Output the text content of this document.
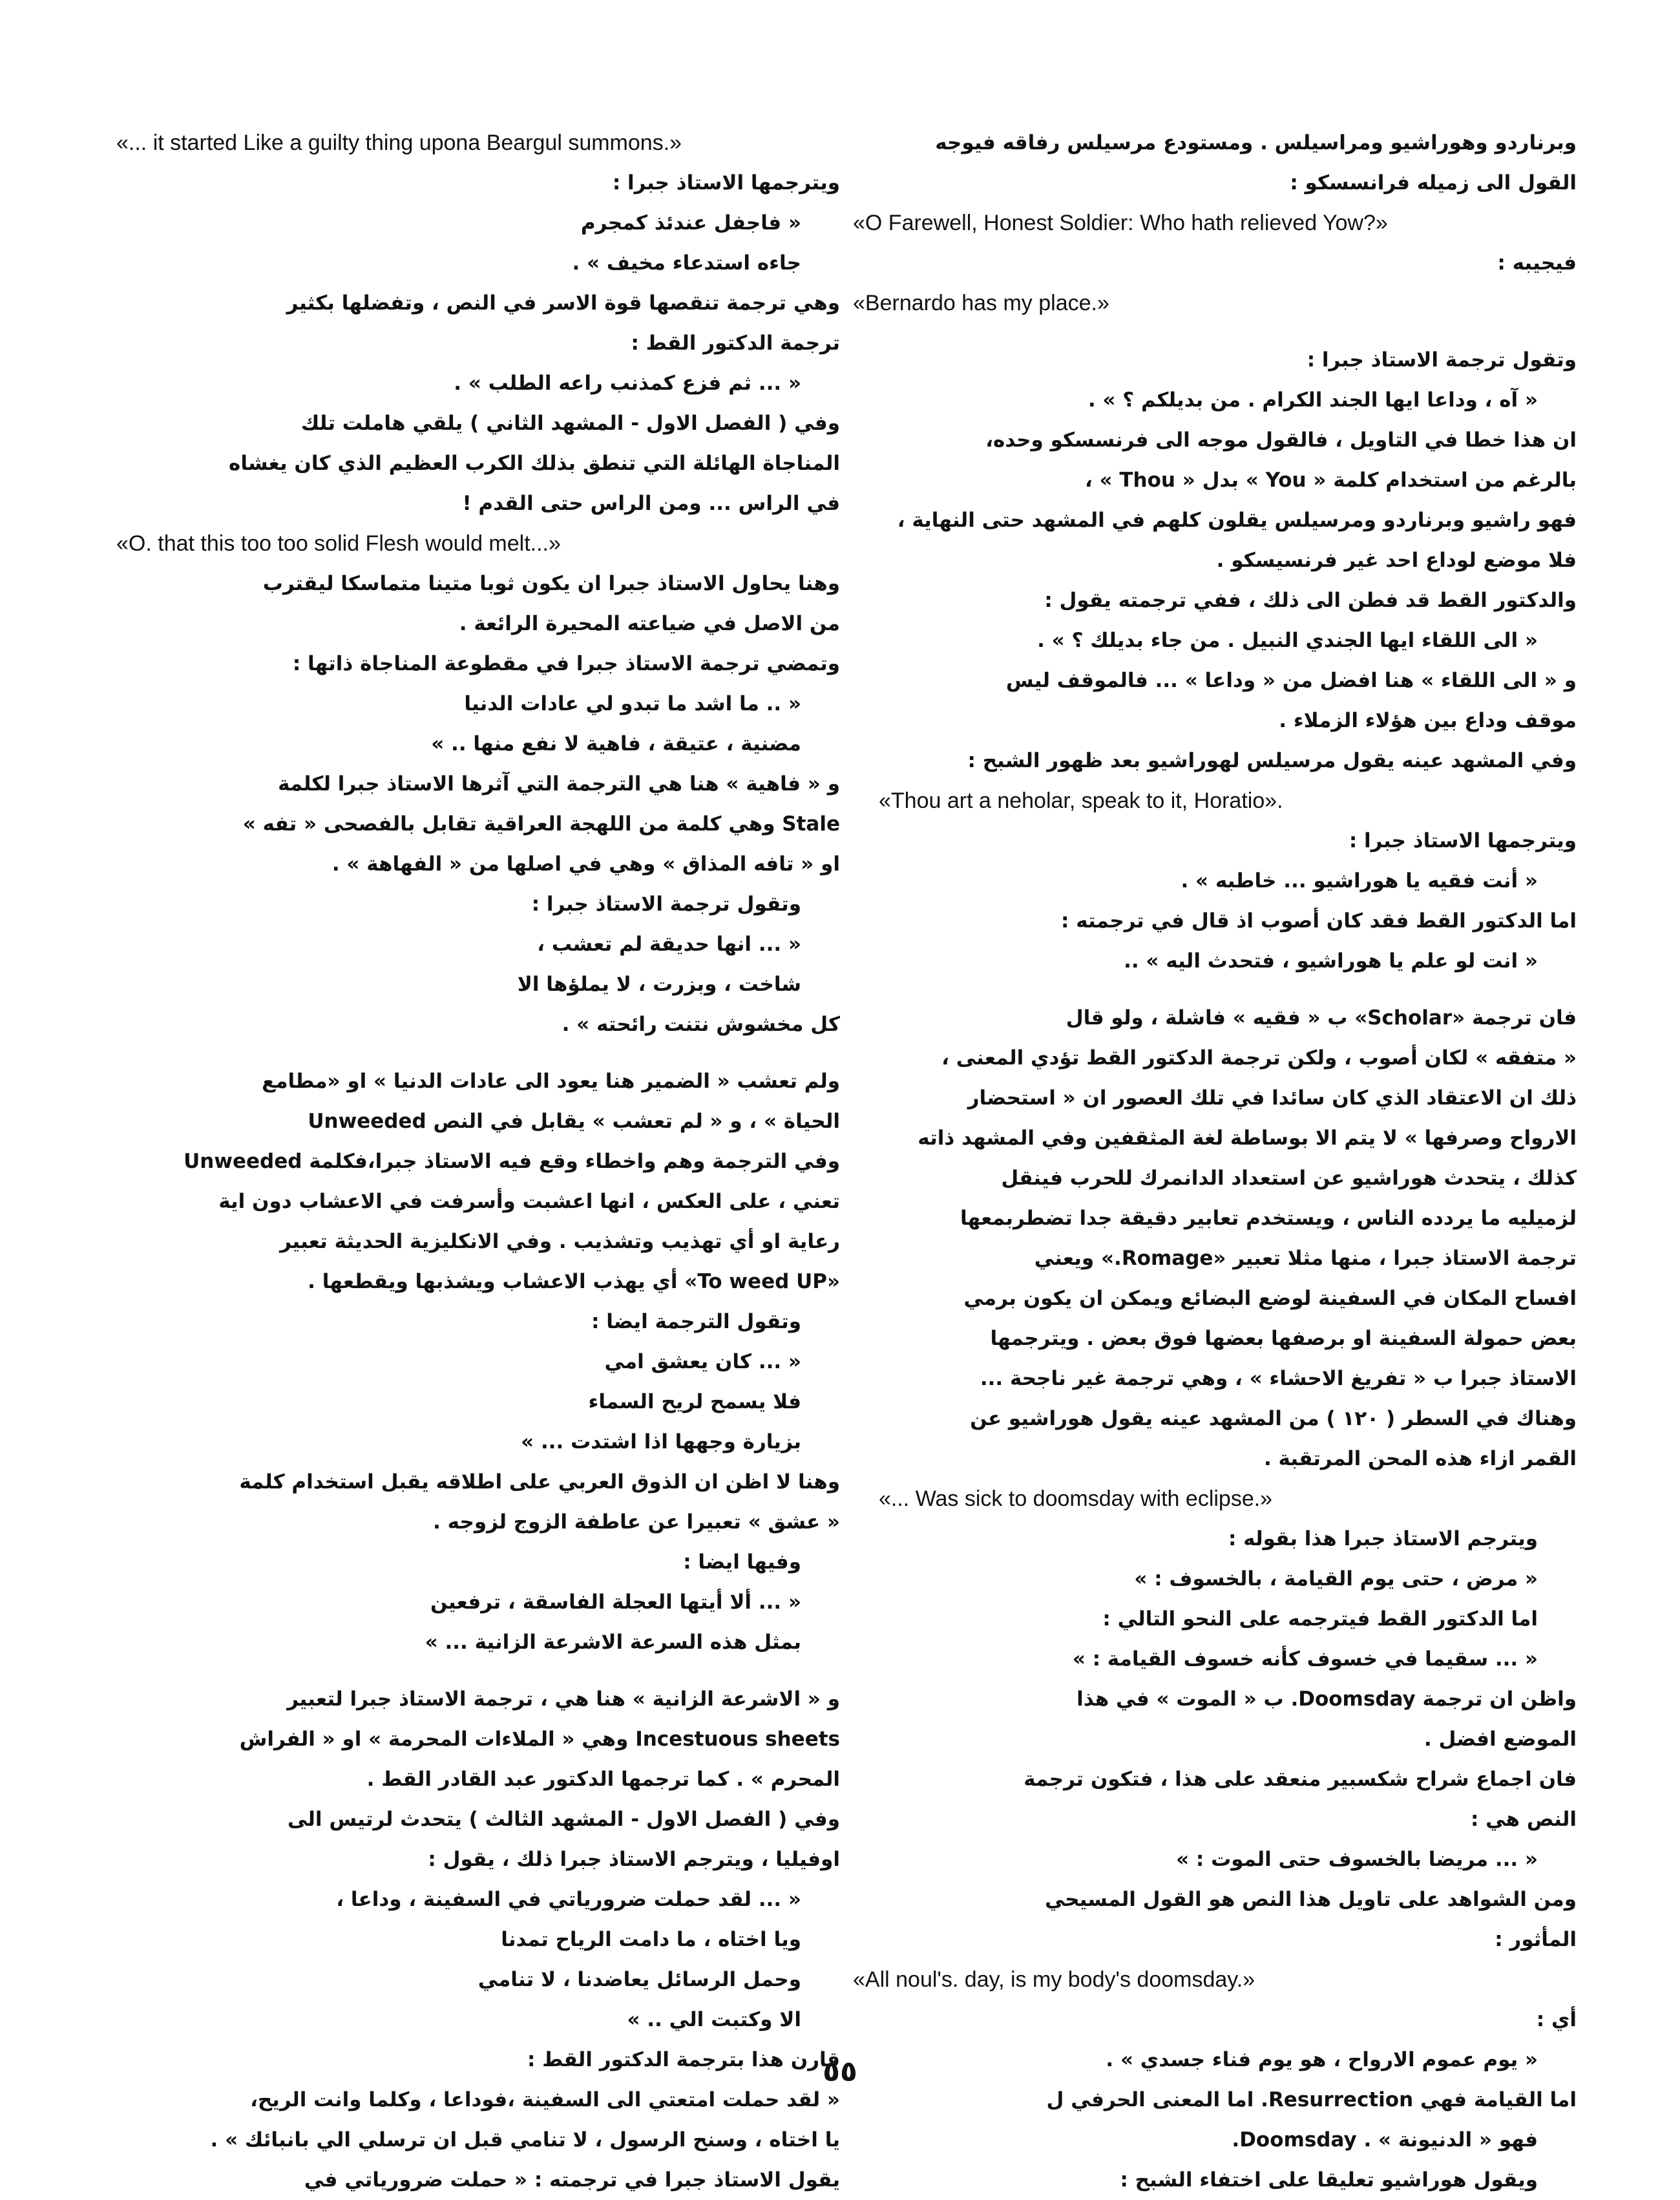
وبرناردو وهوراشيو ومراسيلس . ومستودع مرسيلس رفاقه فيوجه
القول الى زميله فرانسسكو :
«O Farewell, Honest Soldier: Who hath relieved Yow?»
فيجيبه :
«Bernardo has my place.»
وتقول ترجمة الاستاذ جبرا :
« آه ، وداعا ايها الجند الكرام . من بديلكم ؟ » .
ان هذا خطا في التاويل ، فالقول موجه الى فرنسسكو وحده،
بالرغم من استخدام كلمة « You » بدل « Thou » ،
فهو راشيو وبرناردو ومرسيلس يقلون كلهم في المشهد حتى النهاية ،
فلا موضع لوداع احد غير فرنسيسكو .
والدكتور القط قد فطن الى ذلك ، ففي ترجمته يقول :
« الى اللقاء ايها الجندي النبيل . من جاء بديلك ؟ » .
و « الى اللقاء » هنا افضل من « وداعا » ... فالموقف ليس
موقف وداع بين هؤلاء الزملاء .
وفي المشهد عينه يقول مرسيلس لهوراشيو بعد ظهور الشبح :
«Thou art a neholar, speak to it, Horatio».
ويترجمها الاستاذ جبرا :
« أنت فقيه يا هوراشيو ... خاطبه » .
اما الدكتور القط فقد كان أصوب اذ قال في ترجمته :
« انت لو علم يا هوراشيو ، فتحدث اليه » ..
فان ترجمة «Scholar» ب « فقيه » فاشلة ، ولو قال
« متفقه » لكان أصوب ، ولكن ترجمة الدكتور القط تؤدي المعنى ،
ذلك ان الاعتقاد الذي كان سائدا في تلك العصور ان « استحضار
الارواح وصرفها » لا يتم الا بوساطة لغة المثقفين وفي المشهد ذاته
كذلك ، يتحدث هوراشيو عن استعداد الدانمرك للحرب فينقل
لزميليه ما يردده الناس ، ويستخدم تعابير دقيقة جدا تضطربمعها
ترجمة الاستاذ جبرا ، منها مثلا تعبير «Romage.» ويعني
افساح المكان في السفينة لوضع البضائع ويمكن ان يكون برمي
بعض حمولة السفينة او برصفها بعضها فوق بعض . ويترجمها
الاستاذ جبرا ب « تفريغ الاحشاء » ، وهي ترجمة غير ناجحة ...
وهناك في السطر ( ١٢٠ ) من المشهد عينه يقول هوراشيو عن
القمر ازاء هذه المحن المرتقبة .
«... Was sick to doomsday with eclipse.»
ويترجم الاستاذ جبرا هذا بقوله :
« مرض ، حتى يوم القيامة ، بالخسوف : »
اما الدكتور القط فيترجمه على النحو التالي :
« ... سقيما في خسوف كأنه خسوف القيامة : »
واظن ان ترجمة Doomsday. ب « الموت » في هذا
الموضع افضل .
فان اجماع شراح شكسبير منعقد على هذا ، فتكون ترجمة
النص هي :
« ... مريضا بالخسوف حتى الموت : »
ومن الشواهد على تاويل هذا النص هو القول المسيحي
المأثور :
«All noul's. day, is my body's doomsday.»
أي :
« يوم عموم الارواح ، هو يوم فناء جسدي » .
اما القيامة فهي Resurrection. اما المعنى الحرفي ل
فهو « الدنيونة » . Doomsday.
ويقول هوراشيو تعليقا على اختفاء الشبح :
«... it started Like a guilty thing upona Beargul summons.»
ويترجمها الاستاذ جبرا :
« فاجفل عندئذ كمجرم
جاءه استدعاء مخيف » .
وهي ترجمة تنقصها قوة الاسر في النص ، وتفضلها بكثير
ترجمة الدكتور القط :
« ... ثم فزع كمذنب راعه الطلب » .
وفي ( الفصل الاول - المشهد الثاني ) يلقي هاملت تلك
المناجاة الهائلة التي تنطق بذلك الكرب العظيم الذي كان يغشاه
في الراس ... ومن الراس حتى القدم !
«O. that this too too solid Flesh would melt...»
وهنا يحاول الاستاذ جبرا ان يكون ثوبا متينا متماسكا ليقترب
من الاصل في ضياعته المحيرة الرائعة .
وتمضي ترجمة الاستاذ جبرا في مقطوعة المناجاة ذاتها :
« .. ما اشد ما تبدو لي عادات الدنيا
مضنية ، عتيقة ، فاهية لا نفع منها .. »
و « فاهية » هنا هي الترجمة التي آثرها الاستاذ جبرا لكلمة
Stale وهي كلمة من اللهجة العراقية تقابل بالفصحى « تفه »
او « تافه المذاق » وهي في اصلها من « الفهاهة » .
وتقول ترجمة الاستاذ جبرا :
« ... انها حديقة لم تعشب ،
شاخت ، وبزرت ، لا يملؤها الا
كل مخشوش نتنت رائحته » .
ولم تعشب « الضمير هنا يعود الى عادات الدنيا » او «مطامع
الحياة » ، و « لم تعشب » يقابل في النص Unweeded
وفي الترجمة وهم واخطاء وقع فيه الاستاذ جبرا،فكلمة Unweeded
تعني ، على العكس ، انها اعشبت وأسرفت في الاعشاب دون اية
رعاية او أي تهذيب وتشذيب . وفي الانكليزية الحديثة تعبير
«To weed UP» أي يهذب الاعشاب ويشذبها ويقطعها .
وتقول الترجمة ايضا :
« ... كان يعشق امي
فلا يسمح لريح السماء
بزيارة وجهها اذا اشتدت ... »
وهنا لا اظن ان الذوق العربي على اطلاقه يقبل استخدام كلمة
« عشق » تعبيرا عن عاطفة الزوج لزوجه .
وفيها ايضا :
« ... ألا أيتها العجلة الفاسقة ، ترفعين
بمثل هذه السرعة الاشرعة الزانية ... »
و « الاشرعة الزانية » هنا هي ، ترجمة الاستاذ جبرا لتعبير
Incestuous sheets وهي « الملاءات المحرمة » او « الفراش
المحرم » . كما ترجمها الدكتور عبد القادر القط .
وفي ( الفصل الاول - المشهد الثالث ) يتحدث لرتيس الى
اوفيليا ، ويترجم الاستاذ جبرا ذلك ، يقول :
« ... لقد حملت ضرورياتي في السفينة ، وداعا ،
ويا اختاه ، ما دامت الرياح تمدنا
وحمل الرسائل يعاضدنا ، لا تنامي
الا وكتبت الي .. »
قارن هذا بترجمة الدكتور القط :
« لقد حملت امتعتي الى السفينة ،فوداعا ، وكلما وانت الريح،
يا اختاه ، وسنح الرسول ، لا تنامي قبل ان ترسلي الي بانبائك » .
يقول الاستاذ جبرا في ترجمته : « حملت ضرورياتي في
٥٥
